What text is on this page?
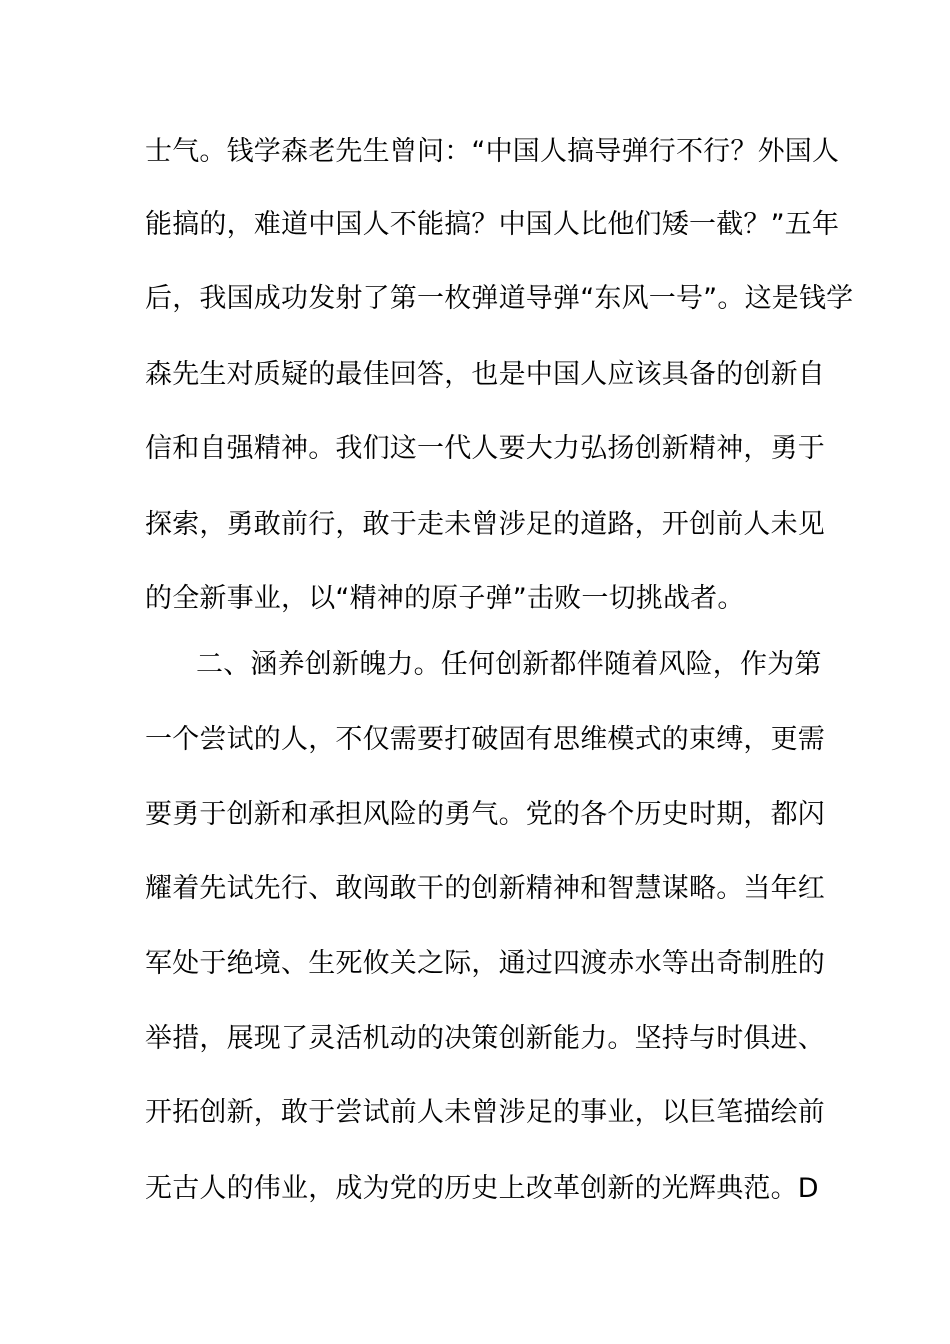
士气。钱学森老先生曾问：“中国人搞导弹行不行？外国人
能搞的，难道中国人不能搞？中国人比他们矮一截？”五年
后，我国成功发射了第一枚弹道导弹“东风一号”。这是钱学
森先生对质疑的最佳回答，也是中国人应该具备的创新自
信和自强精神。我们这一代人要大力弘扬创新精神，勇于
探索，勇敢前行，敢于走未曾涉足的道路，开创前人未见
的全新事业，以“精神的原子弹”击败一切挑战者。
二、涵养创新魄力。任何创新都伴随着风险，作为第
一个尝试的人，不仅需要打破固有思维模式的束缚，更需
要勇于创新和承担风险的勇气。党的各个历史时期，都闪
耀着先试先行、敢闯敢干的创新精神和智慧谋略。当年红
军处于绝境、生死攸关之际，通过四渡赤水等出奇制胜的
举措，展现了灵活机动的决策创新能力。坚持与时俱进、
开拓创新，敢于尝试前人未曾涉足的事业，以巨笔描绘前
无古人的伟业，成为党的历史上改革创新的光辉典范。D
